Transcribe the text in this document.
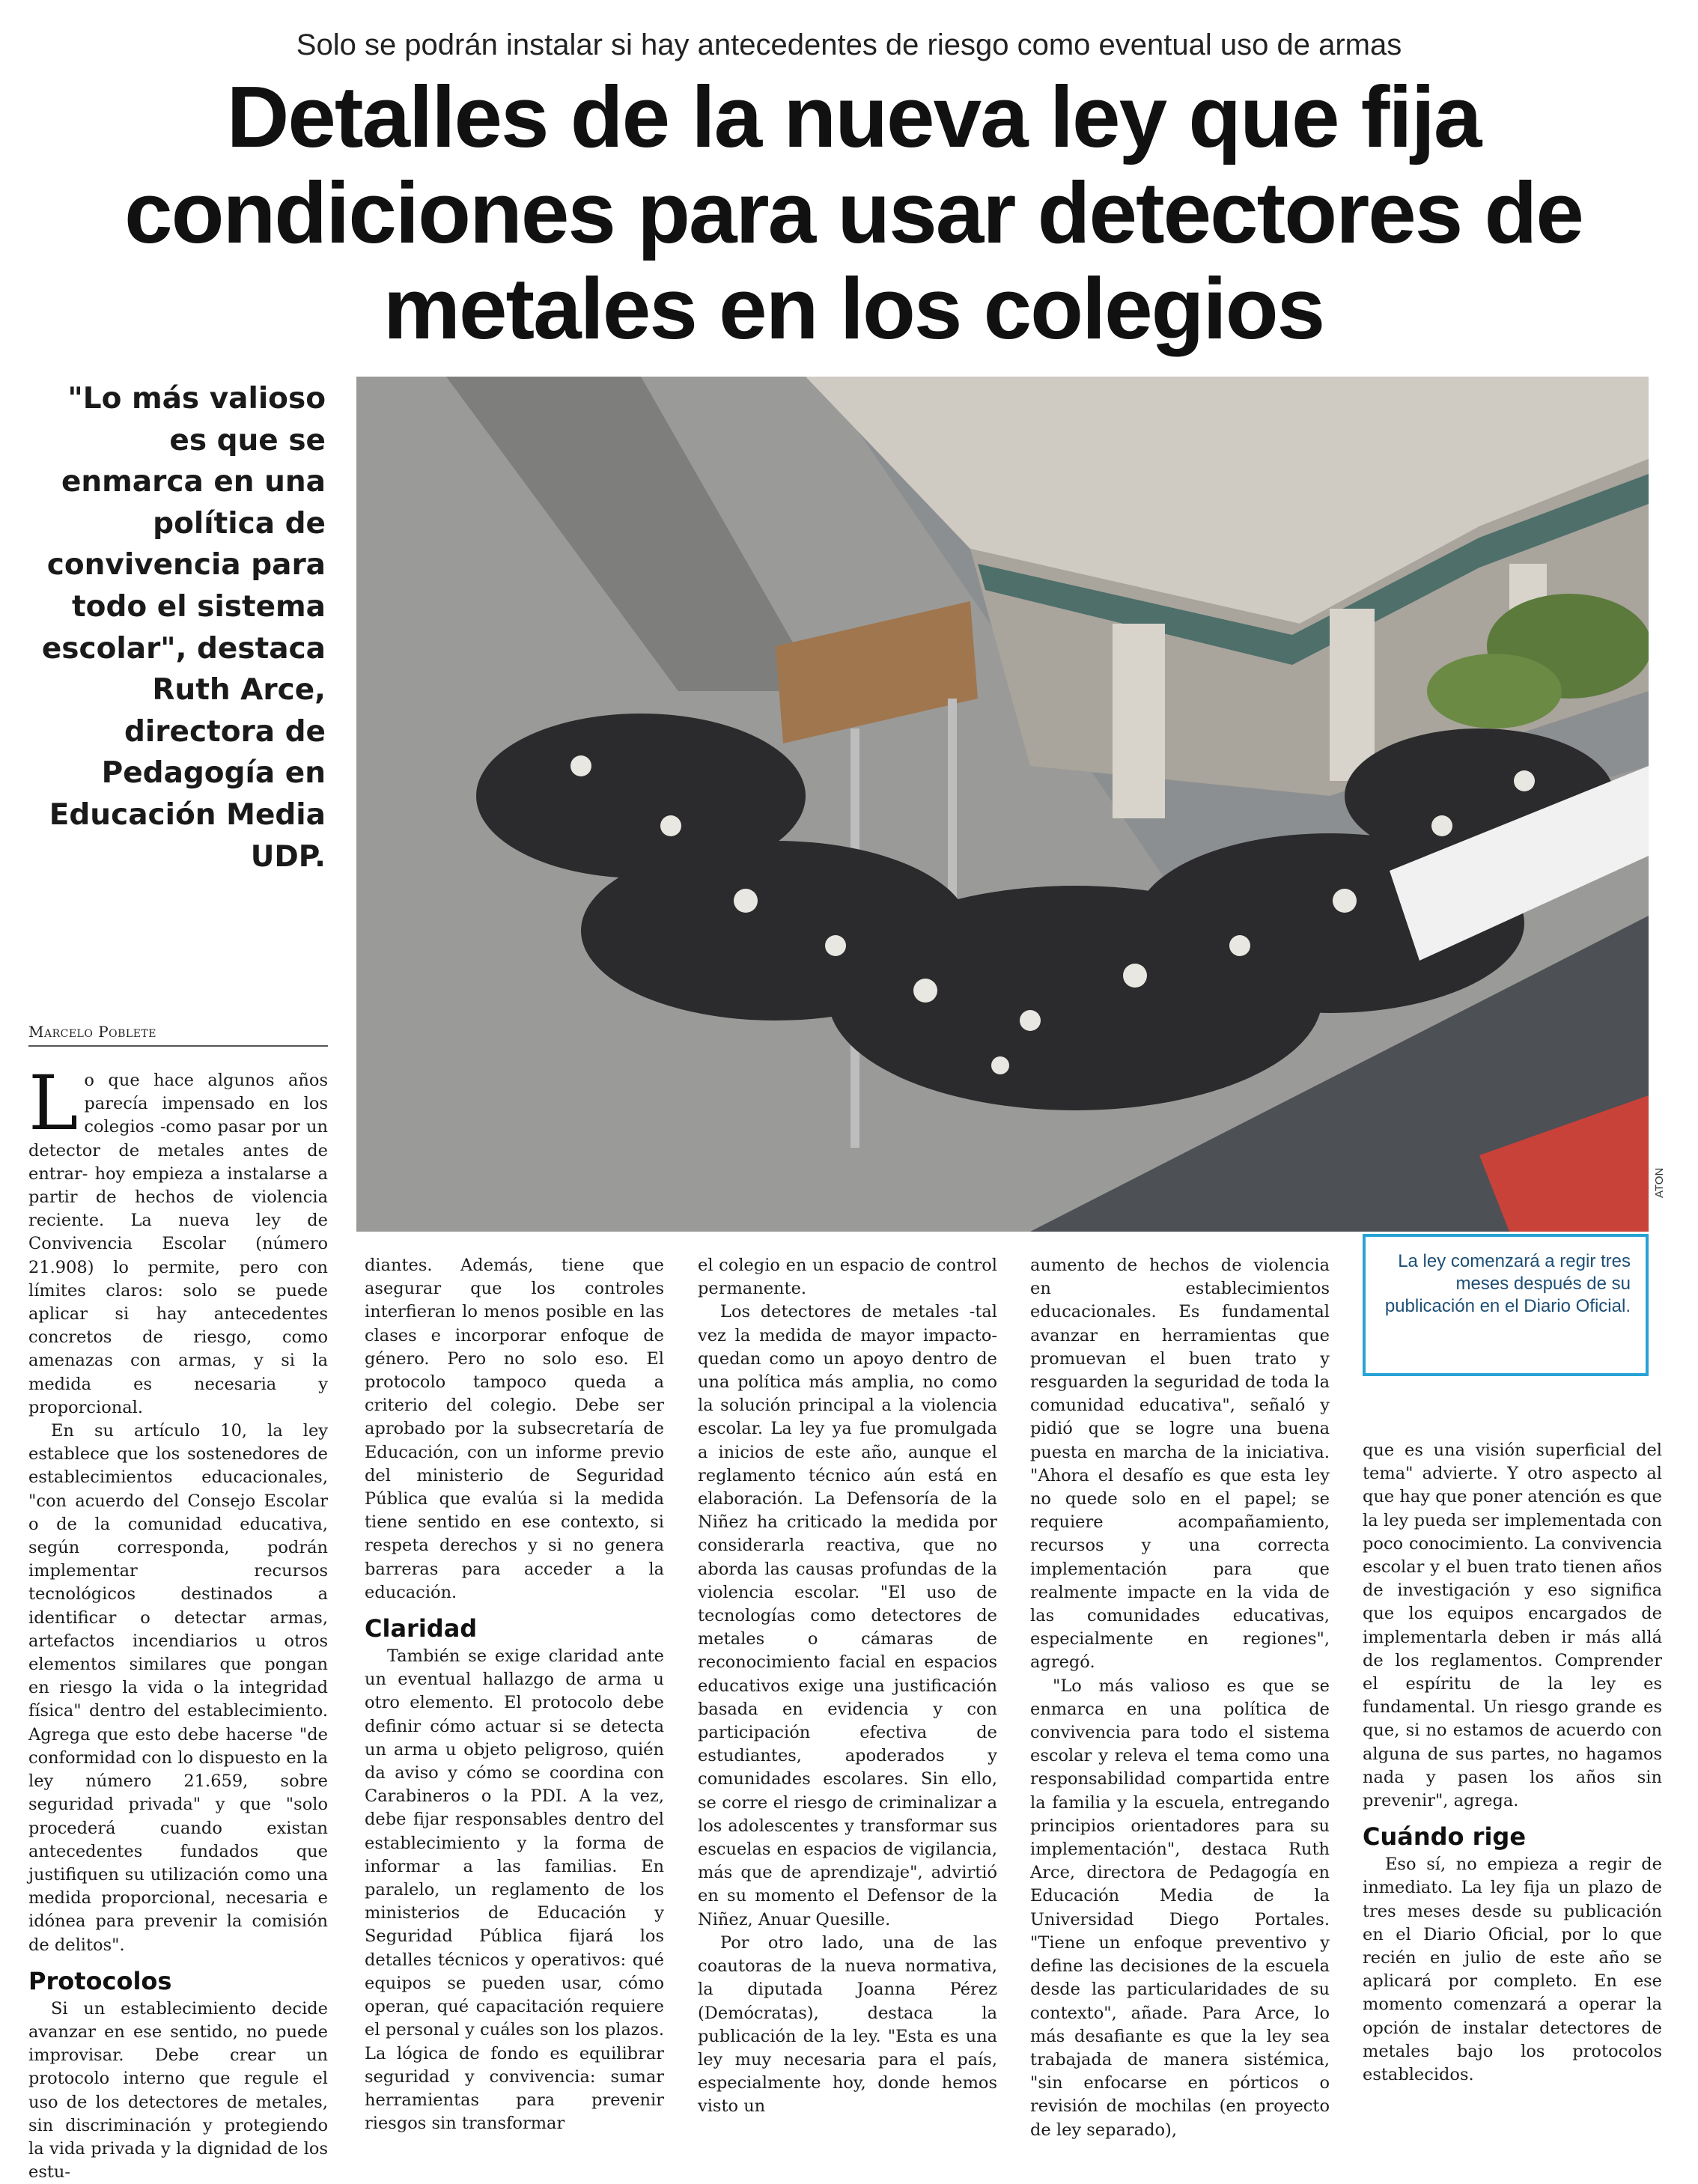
Solo se podrán instalar si hay antecedentes de riesgo como eventual uso de armas
Detalles de la nueva ley que fija condiciones para usar detectores de metales en los colegios
"Lo más valioso es que se enmarca en una política de convivencia para todo el sistema escolar", destaca Ruth Arce, directora de Pedagogía en Educación Media UDP.
ATON
La ley comenzará a regir tres meses después de su publicación en el Diario Oficial.
Marcelo Poblete

Lo que hace algunos años parecía impensado en los colegios -como pasar por un detector de metales antes de entrar- hoy empieza a instalarse a partir de hechos de violencia reciente. La nueva ley de Convivencia Escolar (número 21.908) lo permite, pero con límites claros: solo se puede aplicar si hay antecedentes concretos de riesgo, como amenazas con armas, y si la medida es necesaria y proporcional.

En su artículo 10, la ley establece que los sostenedores de establecimientos educacionales, "con acuerdo del Consejo Escolar o de la comunidad educativa, según corresponda, podrán implementar recursos tecnológicos destinados a identificar o detectar armas, artefactos incendiarios u otros elementos similares que pongan en riesgo la vida o la integridad física" dentro del establecimiento. Agrega que esto debe hacerse "de conformidad con lo dispuesto en la ley número 21.659, sobre seguridad privada" y que "solo procederá cuando existan antecedentes fundados que justifiquen su utilización como una medida proporcional, necesaria e idónea para prevenir la comisión de delitos".

Protocolos

Si un establecimiento decide avanzar en ese sentido, no puede improvisar. Debe crear un protocolo interno que regule el uso de los detectores de metales, sin discriminación y protegiendo la vida privada y la dignidad de los estu-

diantes. Además, tiene que asegurar que los controles interfieran lo menos posible en las clases e incorporar enfoque de género. Pero no solo eso. El protocolo tampoco queda a criterio del colegio. Debe ser aprobado por la subsecretaría de Educación, con un informe previo del ministerio de Seguridad Pública que evalúa si la medida tiene sentido en ese contexto, si respeta derechos y si no genera barreras para acceder a la educación.

Claridad

También se exige claridad ante un eventual hallazgo de arma u otro elemento. El protocolo debe definir cómo actuar si se detecta un arma u objeto peligroso, quién da aviso y cómo se coordina con Carabineros o la PDI. A la vez, debe fijar responsables dentro del establecimiento y la forma de informar a las familias. En paralelo, un reglamento de los ministerios de Educación y Seguridad Pública fijará los detalles técnicos y operativos: qué equipos se pueden usar, cómo operan, qué capacitación requiere el personal y cuáles son los plazos. La lógica de fondo es equilibrar seguridad y convivencia: sumar herramientas para prevenir riesgos sin transformar

el colegio en un espacio de control permanente.

Los detectores de metales -tal vez la medida de mayor impacto- quedan como un apoyo dentro de una política más amplia, no como la solución principal a la violencia escolar. La ley ya fue promulgada a inicios de este año, aunque el reglamento técnico aún está en elaboración. La Defensoría de la Niñez ha criticado la medida por considerarla reactiva, que no aborda las causas profundas de la violencia escolar. "El uso de tecnologías como detectores de metales o cámaras de reconocimiento facial en espacios educativos exige una justificación basada en evidencia y con participación efectiva de estudiantes, apoderados y comunidades escolares. Sin ello, se corre el riesgo de criminalizar a los adolescentes y transformar sus escuelas en espacios de vigilancia, más que de aprendizaje", advirtió en su momento el Defensor de la Niñez, Anuar Quesille.

Por otro lado, una de las coautoras de la nueva normativa, la diputada Joanna Pérez (Demócratas), destaca la publicación de la ley. "Esta es una ley muy necesaria para el país, especialmente hoy, donde hemos visto un

aumento de hechos de violencia en establecimientos educacionales. Es fundamental avanzar en herramientas que promuevan el buen trato y resguarden la seguridad de toda la comunidad educativa", señaló y pidió que se logre una buena puesta en marcha de la iniciativa. "Ahora el desafío es que esta ley no quede solo en el papel; se requiere acompañamiento, recursos y una correcta implementación para que realmente impacte en la vida de las comunidades educativas, especialmente en regiones", agregó.

"Lo más valioso es que se enmarca en una política de convivencia para todo el sistema escolar y releva el tema como una responsabilidad compartida entre la familia y la escuela, entregando principios orientadores para su implementación", destaca Ruth Arce, directora de Pedagogía en Educación Media de la Universidad Diego Portales. "Tiene un enfoque preventivo y define las decisiones de la escuela desde las particularidades de su contexto", añade. Para Arce, lo más desafiante es que la ley sea trabajada de manera sistémica, "sin enfocarse en pórticos o revisión de mochilas (en proyecto de ley separado),

que es una visión superficial del tema" advierte. Y otro aspecto al que hay que poner atención es que la ley pueda ser implementada con poco conocimiento. La convivencia escolar y el buen trato tienen años de investigación y eso significa que los equipos encargados de implementarla deben ir más allá de los reglamentos. Comprender el espíritu de la ley es fundamental. Un riesgo grande es que, si no estamos de acuerdo con alguna de sus partes, no hagamos nada y pasen los años sin prevenir", agrega.

Cuándo rige

Eso sí, no empieza a regir de inmediato. La ley fija un plazo de tres meses desde su publicación en el Diario Oficial, por lo que recién en julio de este año se aplicará por completo. En ese momento comenzará a operar la opción de instalar detectores de metales bajo los protocolos establecidos.
